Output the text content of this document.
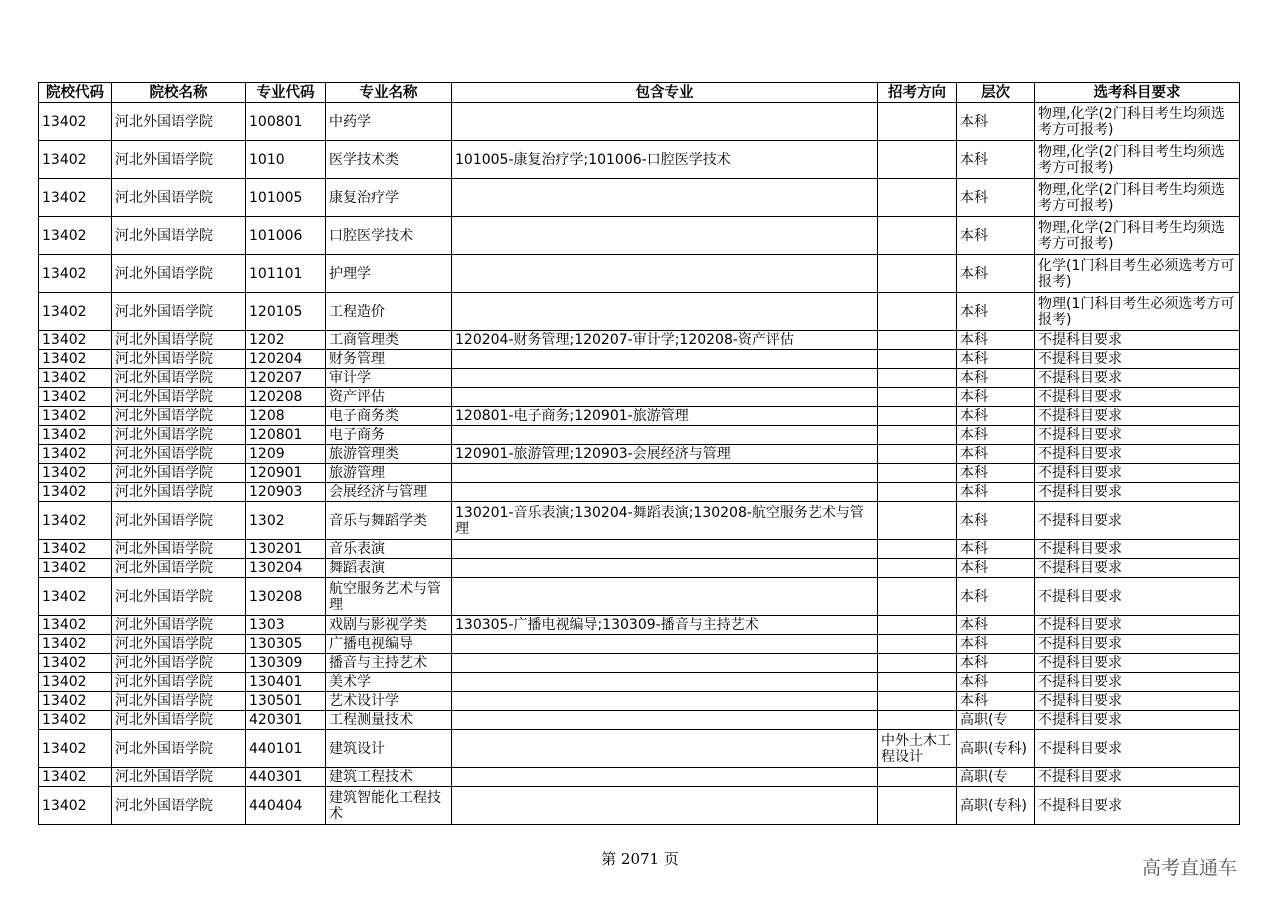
院校代码	院校名称	专业代码	专业名称	包含专业	招考方向	层次	选考科目要求
13402	河北外国语学院	100801	中药学			本科	物理,化学(2门科目考生均须选考方可报考)
13402	河北外国语学院	1010	医学技术类	101005-康复治疗学;101006-口腔医学技术		本科	物理,化学(2门科目考生均须选考方可报考)
13402	河北外国语学院	101005	康复治疗学			本科	物理,化学(2门科目考生均须选考方可报考)
13402	河北外国语学院	101006	口腔医学技术			本科	物理,化学(2门科目考生均须选考方可报考)
13402	河北外国语学院	101101	护理学			本科	化学(1门科目考生必须选考方可报考)
13402	河北外国语学院	120105	工程造价			本科	物理(1门科目考生必须选考方可报考)
13402	河北外国语学院	1202	工商管理类	120204-财务管理;120207-审计学;120208-资产评估		本科	不提科目要求
13402	河北外国语学院	120204	财务管理			本科	不提科目要求
13402	河北外国语学院	120207	审计学			本科	不提科目要求
13402	河北外国语学院	120208	资产评估			本科	不提科目要求
13402	河北外国语学院	1208	电子商务类	120801-电子商务;120901-旅游管理		本科	不提科目要求
13402	河北外国语学院	120801	电子商务			本科	不提科目要求
13402	河北外国语学院	1209	旅游管理类	120901-旅游管理;120903-会展经济与管理		本科	不提科目要求
13402	河北外国语学院	120901	旅游管理			本科	不提科目要求
13402	河北外国语学院	120903	会展经济与管理			本科	不提科目要求
13402	河北外国语学院	1302	音乐与舞蹈学类	130201-音乐表演;130204-舞蹈表演;130208-航空服务艺术与管理		本科	不提科目要求
13402	河北外国语学院	130201	音乐表演			本科	不提科目要求
13402	河北外国语学院	130204	舞蹈表演			本科	不提科目要求
13402	河北外国语学院	130208	航空服务艺术与管理			本科	不提科目要求
13402	河北外国语学院	1303	戏剧与影视学类	130305-广播电视编导;130309-播音与主持艺术		本科	不提科目要求
13402	河北外国语学院	130305	广播电视编导			本科	不提科目要求
13402	河北外国语学院	130309	播音与主持艺术			本科	不提科目要求
13402	河北外国语学院	130401	美术学			本科	不提科目要求
13402	河北外国语学院	130501	艺术设计学			本科	不提科目要求
13402	河北外国语学院	420301	工程测量技术			高职(专	不提科目要求
13402	河北外国语学院	440101	建筑设计		中外土木工程设计	高职(专科)	不提科目要求
13402	河北外国语学院	440301	建筑工程技术			高职(专	不提科目要求
13402	河北外国语学院	440404	建筑智能化工程技术			高职(专科)	不提科目要求
第 2071 页	高考直通车
